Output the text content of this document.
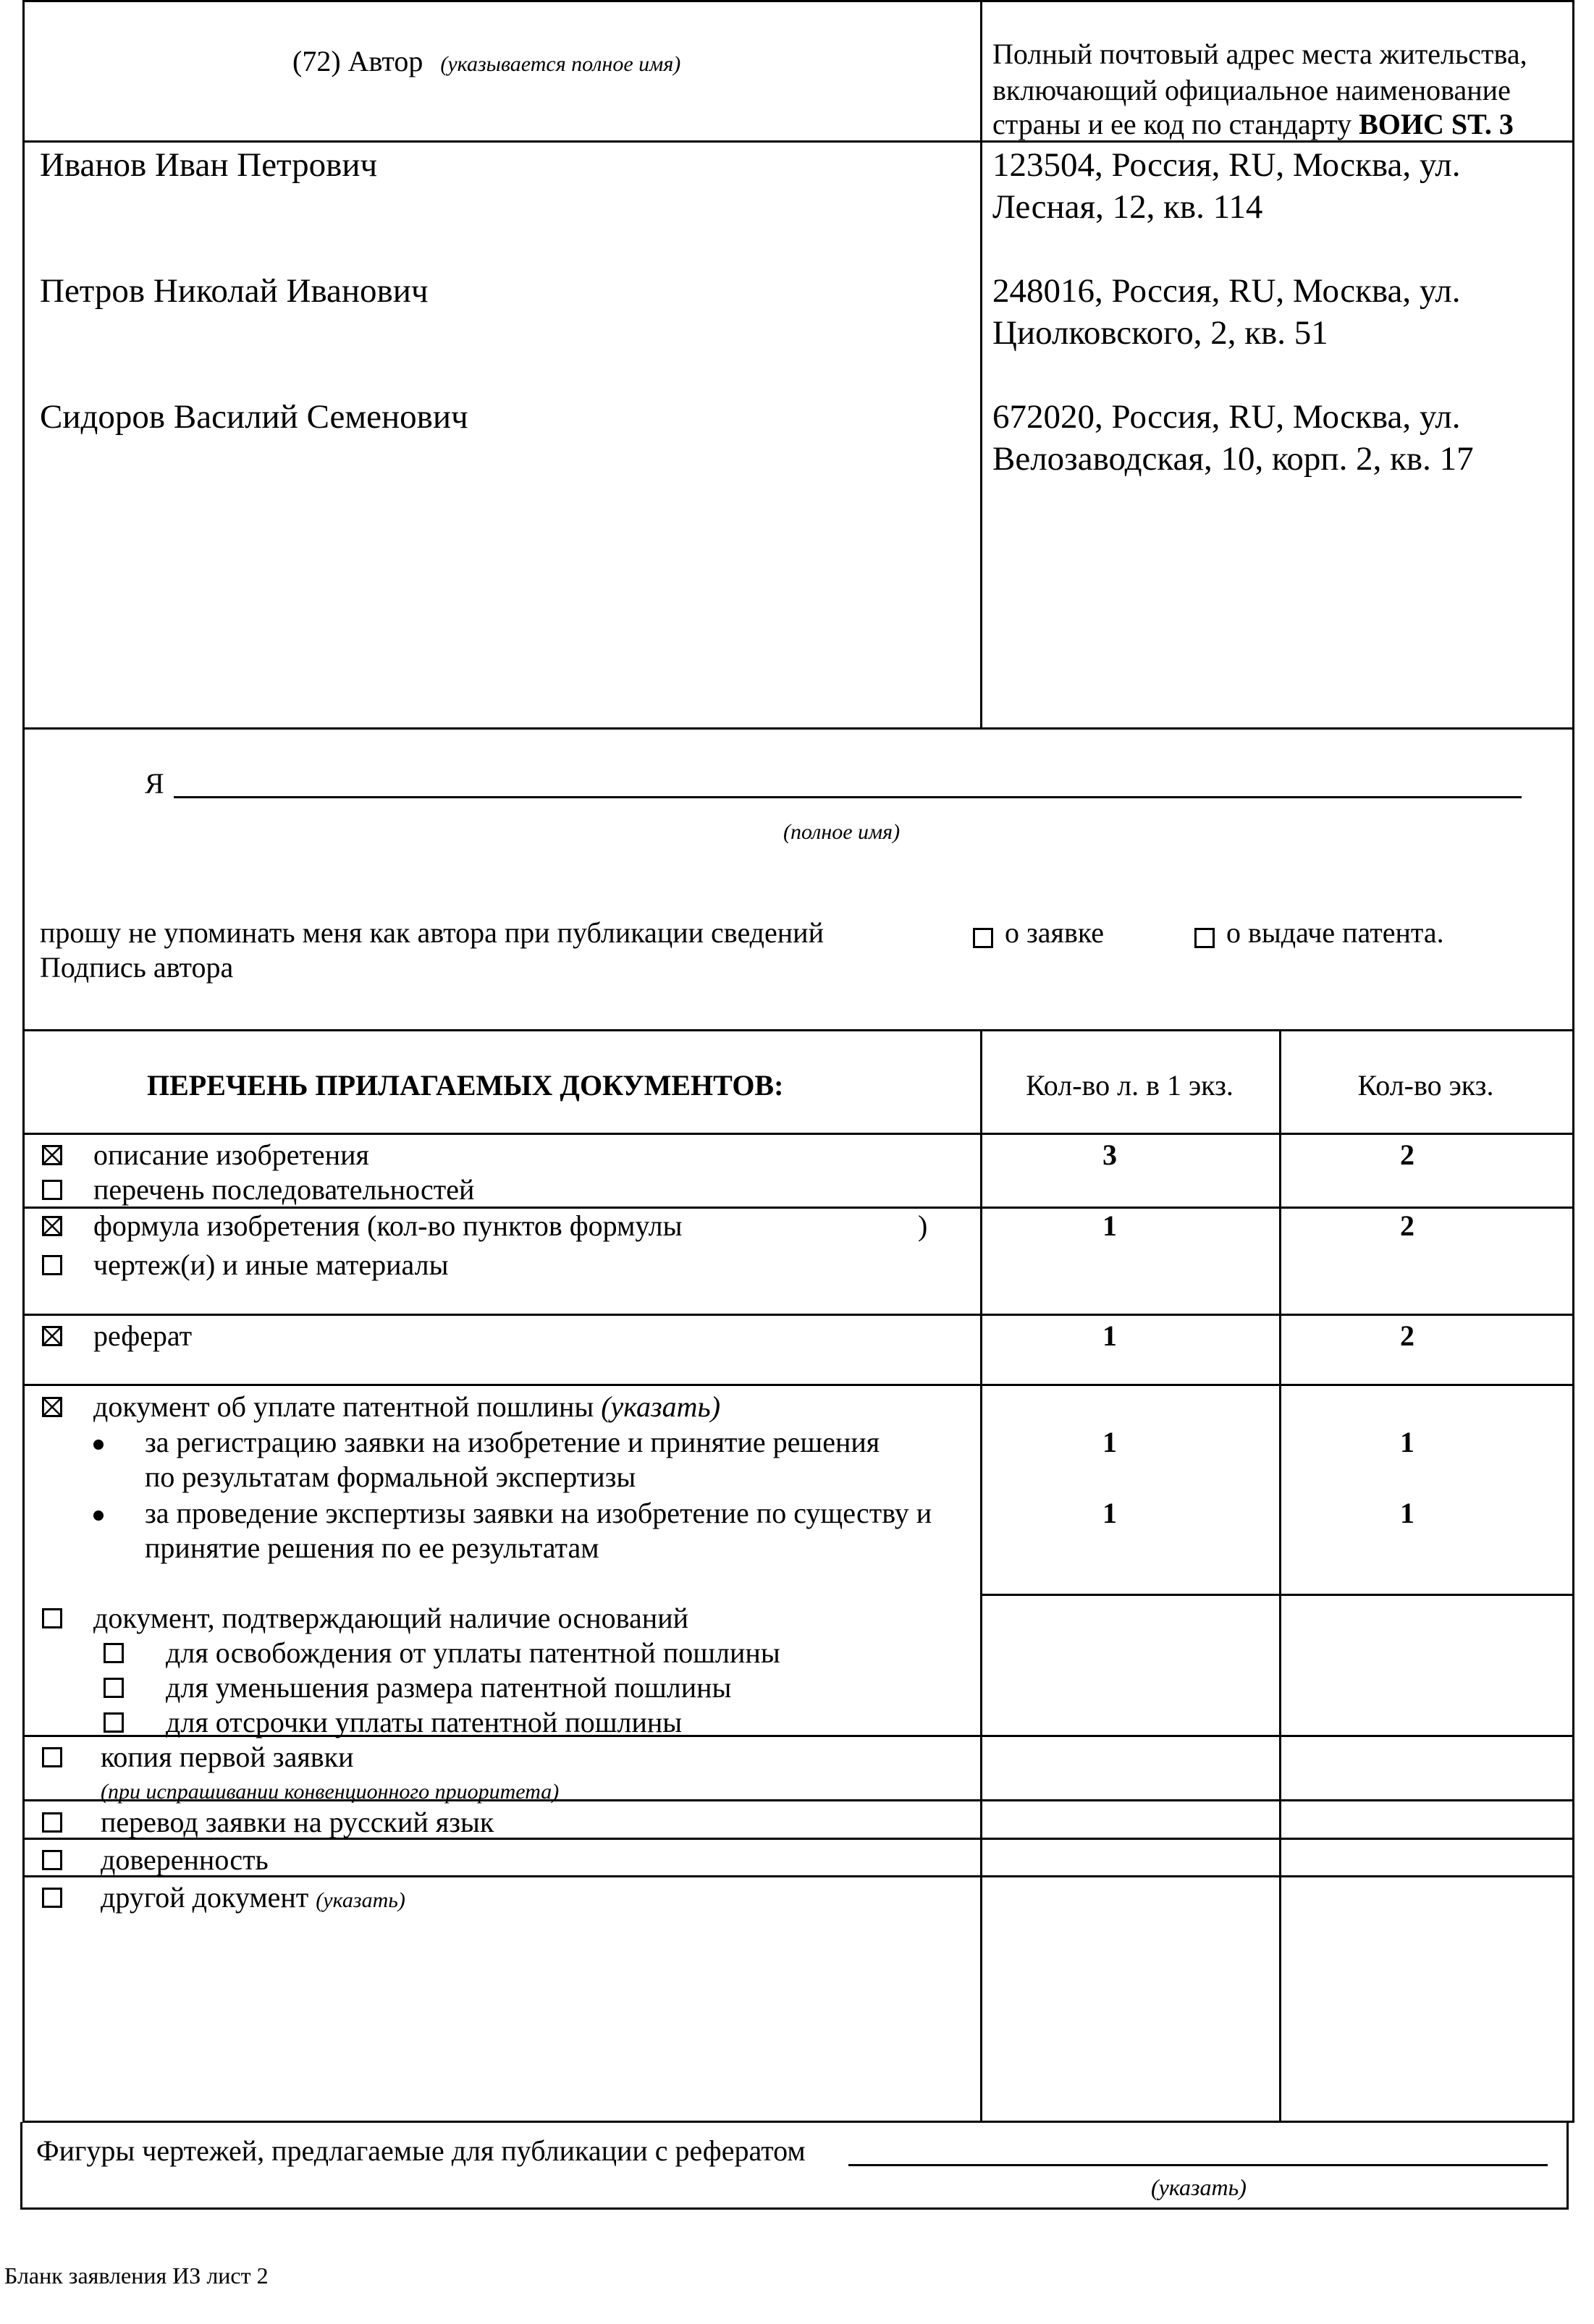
(72) Автор (указывается полное имя)	Полный почтовый адрес места жительства,
включающий официальное наименование
страны и ее код по стандарту ВОИС ST. 3
Иванов Иван Петрович	123504, Россия, RU, Москва, ул.
Лесная, 12, кв. 114
Петров Николай Иванович	248016, Россия, RU, Москва, ул.
Циолковского, 2, кв. 51
Сидоров Василий Семенович	672020, Россия, RU, Москва, ул.
Велозаводская, 10, корп. 2, кв. 17
Я
(полное имя)
прошу не упоминать меня как автора при публикации сведений	о заявке	о выдаче патента.
Подпись автора
ПЕРЕЧЕНЬ ПРИЛАГАЕМЫХ ДОКУМЕНТОВ:	Кол-во л. в 1 экз.	Кол-во экз.
описание изобретения	3	2
перечень последовательностей
формула изобретения (кол-во пунктов формулы	)	1	2
чертеж(и) и иные материалы
реферат	1	2
документ об уплате патентной пошлины (указать)
за регистрацию заявки на изобретение и принятие решения
по результатам формальной экспертизы
1	1
за проведение экспертизы заявки на изобретение по существу и
принятие решения по ее результатам
1	1
документ, подтверждающий наличие оснований
для освобождения от уплаты патентной пошлины
для уменьшения размера патентной пошлины
для отсрочки уплаты патентной пошлины
копия первой заявки
(при испрашивании конвенционного приоритета)
перевод заявки на русский язык
доверенность
другой документ (указать)
Фигуры чертежей, предлагаемые для публикации с рефератом
(указать)
Бланк заявления ИЗ лист 2
